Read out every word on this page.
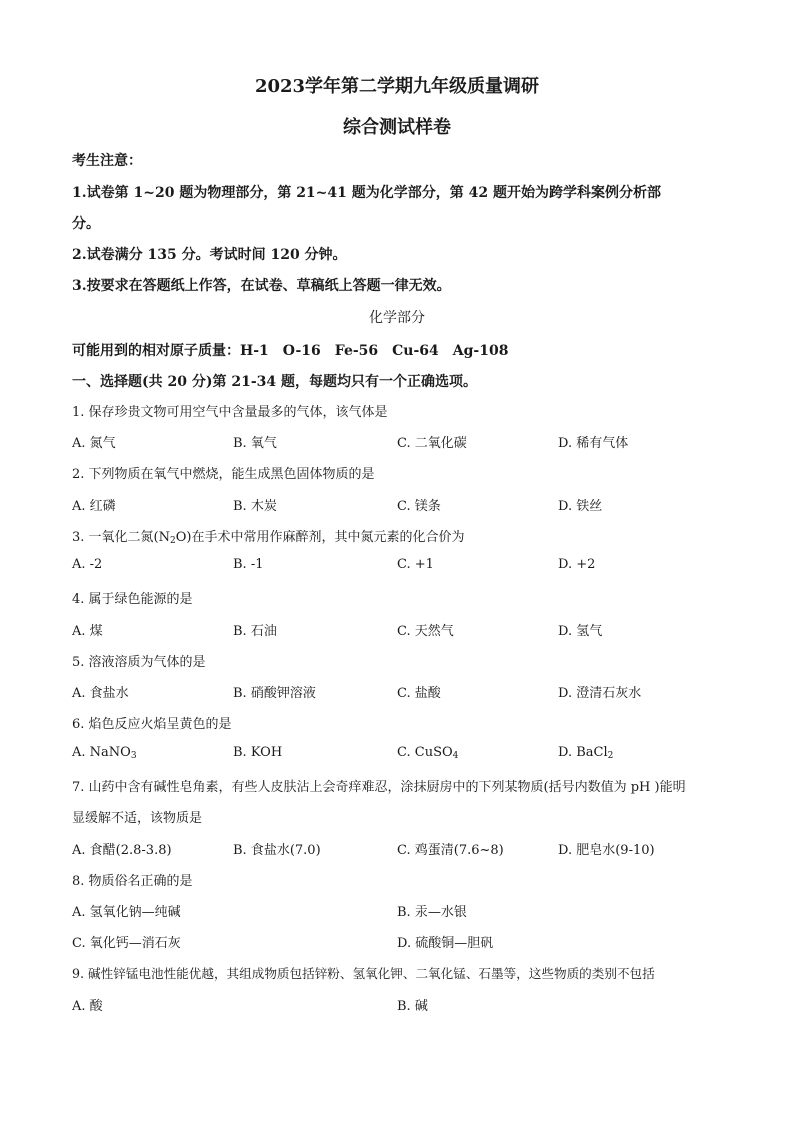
2023学年第二学期九年级质量调研
综合测试样卷
考生注意：
1.试卷第 1~20 题为物理部分，第 21~41 题为化学部分，第 42 题开始为跨学科案例分析部
分。
2.试卷满分 135 分。考试时间 120 分钟。
3.按要求在答题纸上作答，在试卷、草稿纸上答题一律无效。
化学部分
可能用到的相对原子质量：H-1　O-16　Fe-56　Cu-64　Ag-108
一、选择题(共 20 分)第 21-34 题，每题均只有一个正确选项。
1. 保存珍贵文物可用空气中含量最多的气体，该气体是
A. 氮气	B. 氧气	C. 二氧化碳	D. 稀有气体
2. 下列物质在氧气中燃烧，能生成黑色固体物质的是
A. 红磷	B. 木炭	C. 镁条	D. 铁丝
3. 一氧化二氮$(N_2O)$在手术中常用作麻醉剂，其中氮元素的化合价为
A. -2	B. -1	C. +1	D. +2
4. 属于绿色能源的是
A. 煤	B. 石油	C. 天然气	D. 氢气
5. 溶液溶质为气体的是
A. 食盐水	B. 硝酸钾溶液	C. 盐酸	D. 澄清石灰水
6. 焰色反应火焰呈黄色的是
A. NaNO$_3$	B. KOH	C. CuSO$_4$	D. BaCl$_2$
7. 山药中含有碱性皂角素，有些人皮肤沾上会奇痒难忍，涂抹厨房中的下列某物质(括号内数值为 pH )能明
显缓解不适，该物质是
A. 食醋(2.8-3.8)	B. 食盐水(7.0)	C. 鸡蛋清(7.6~8)	D. 肥皂水(9-10)
8. 物质俗名正确的是
A. 氢氧化钠—纯碱	B. 汞—水银
C. 氧化钙—消石灰	D. 硫酸铜—胆矾
9. 碱性锌锰电池性能优越，其组成物质包括锌粉、氢氧化钾、二氧化锰、石墨等，这些物质的类别不包括
A. 酸	B. 碱
